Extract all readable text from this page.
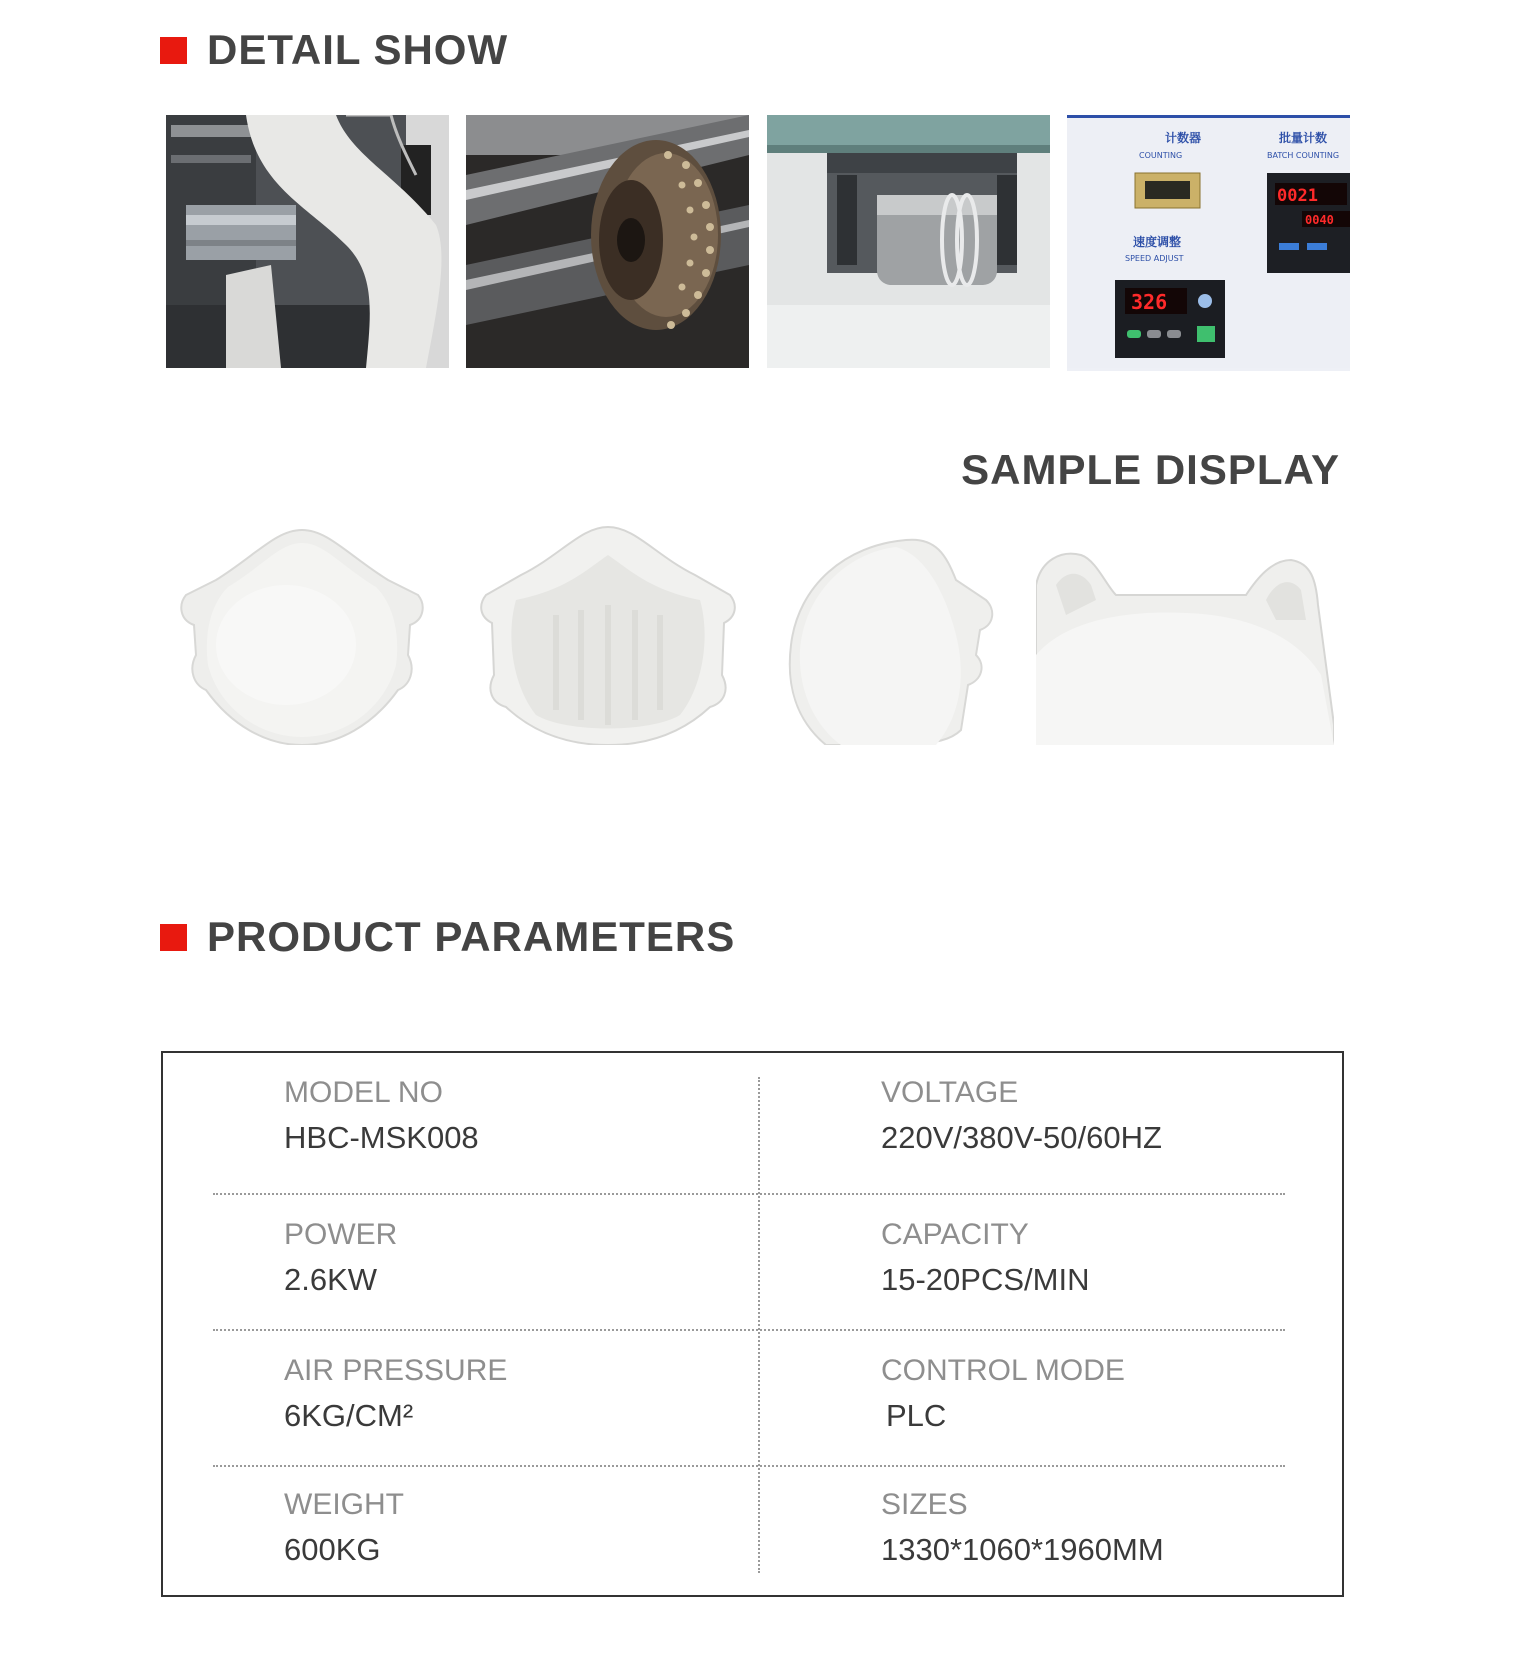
DETAIL SHOW
计数器
COUNTING
批量计数
BATCH COUNTING
0021
0040
速度调整
SPEED ADJUST
326
SAMPLE DISPLAY
PRODUCT PARAMETERS
MODEL NO
HBC-MSK008
VOLTAGE
220V/380V-50/60HZ
POWER
2.6KW
CAPACITY
15-20PCS/MIN
AIR PRESSURE
6KG/CM²
CONTROL MODE
PLC
WEIGHT
600KG
SIZES
1330*1060*1960MM
